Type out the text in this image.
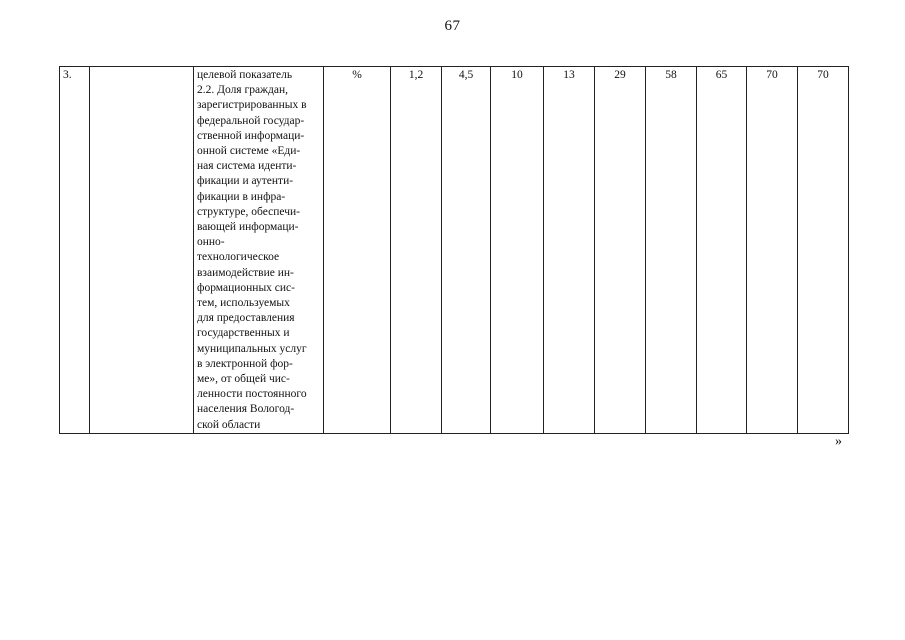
67
3.		целевой показатель
2.2. Доля граждан,
зарегистрированных в
федеральной государ-
ственной информаци-
онной системе «Еди-
ная система иденти-
фикации и аутенти-
фикации в инфра-
структуре, обеспечи-
вающей информаци-
онно-
технологическое
взаимодействие ин-
формационных сис-
тем, используемых
для предоставления
государственных и
муниципальных услуг
в электронной фор-
ме», от общей чис-
ленности постоянного
населения Вологод-
ской области	%	1,2	4,5	10	13	29	58	65	70	70
»
